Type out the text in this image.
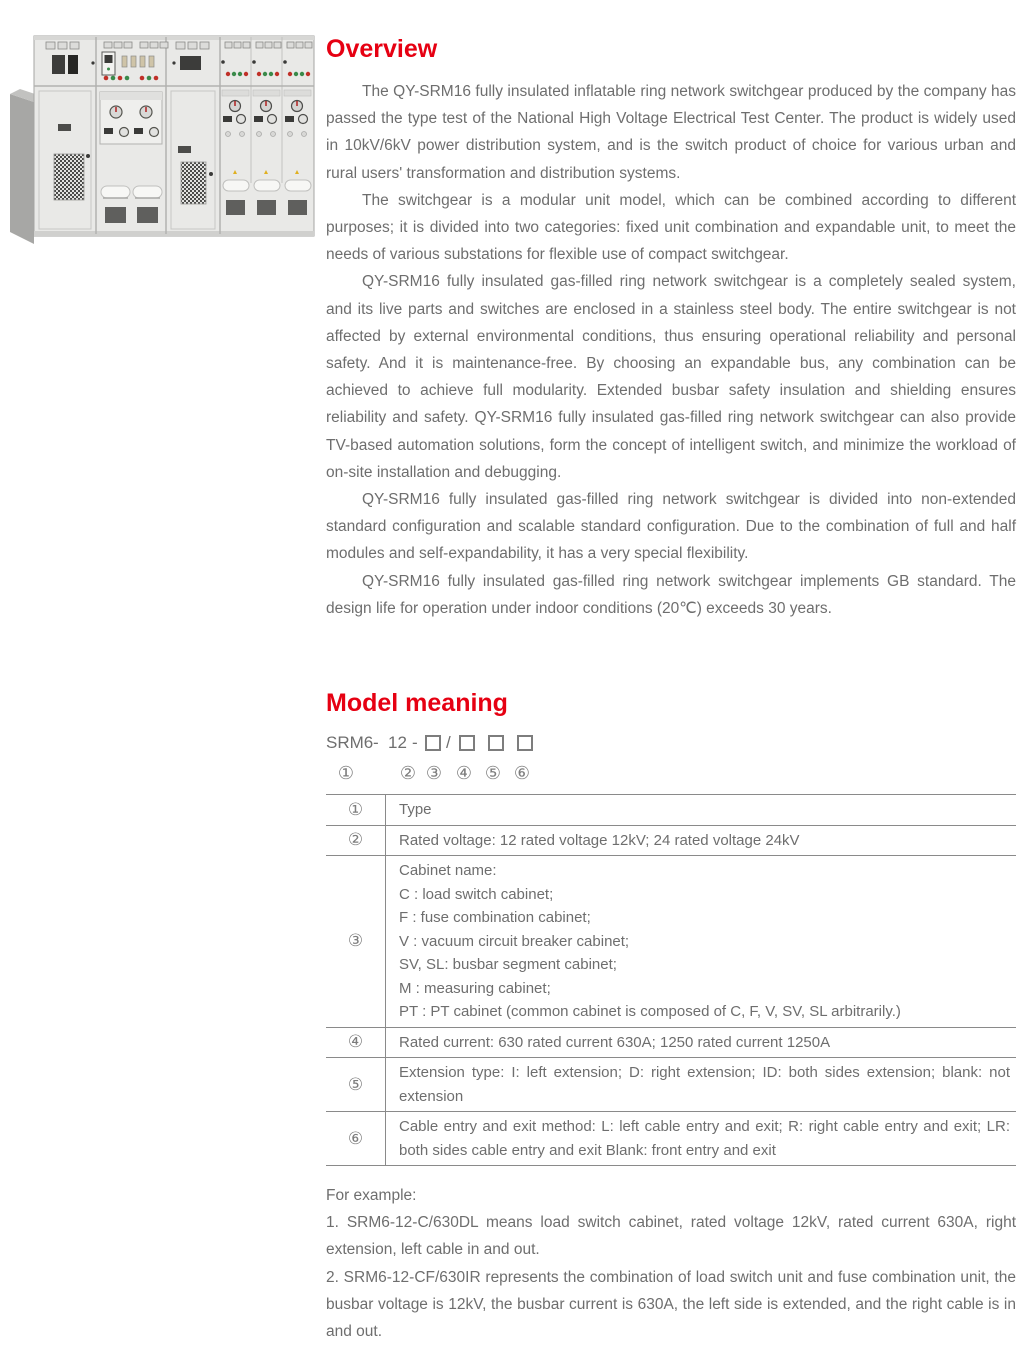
Overview

The QY-SRM16 fully insulated inflatable ring network switchgear produced by the company has passed the type test of the National High Voltage Electrical Test Center. The product is widely used in 10kV/6kV power distribution system, and is the switch product of choice for various urban and rural users' transformation and distribution systems.

The switchgear is a modular unit model, which can be combined according to different purposes; it is divided into two categories: fixed unit combination and expandable unit, to meet the needs of various substations for flexible use of compact switchgear.

QY-SRM16 fully insulated gas-filled ring network switchgear is a completely sealed system, and its live parts and switches are enclosed in a stainless steel body. The entire switchgear is not affected by external environmental conditions, thus ensuring operational reliability and personal safety. And it is maintenance-free. By choosing an expandable bus, any combination can be achieved to achieve full modularity. Extended busbar safety insulation and shielding ensures reliability and safety. QY-SRM16 fully insulated gas-filled ring network switchgear can also provide TV-based automation solutions, form the concept of intelligent switch, and minimize the workload of on-site installation and debugging.

QY-SRM16 fully insulated gas-filled ring network switchgear is divided into non-extended standard configuration and scalable standard configuration. Due to the combination of full and half modules and self-expandability, it has a very special flexibility.

QY-SRM16 fully insulated gas-filled ring network switchgear implements GB standard. The design life for operation under indoor conditions (20℃) exceeds 30 years.

Model meaning
SRM6 - 12 - /
①	② ③ ④ ⑤ ⑥
①	Type
②	Rated voltage: 12 rated voltage 12kV; 24 rated voltage 24kV
③	
Cabinet name:
C : load switch cabinet;
F : fuse combination cabinet;
V : vacuum circuit breaker cabinet;
SV, SL: busbar segment cabinet;
M : measuring cabinet;
PT : PT cabinet (common cabinet is composed of C, F, V, SV, SL arbitrarily.)

④	Rated current: 630 rated current 630A; 1250 rated current 1250A
⑤	Extension type: I: left extension; D: right extension; ID: both sides extension; blank: not extension
⑥	Cable entry and exit method: L: left cable entry and exit; R: right cable entry and exit; LR: both sides cable entry and exit Blank: front entry and exit

For example:

1. SRM6-12-C/630DL means load switch cabinet, rated voltage 12kV, rated current 630A, right extension, left cable in and out.

2. SRM6-12-CF/630IR represents the combination of load switch unit and fuse combination unit, the busbar voltage is 12kV, the busbar current is 630A, the left side is extended, and the right cable is in and out.
